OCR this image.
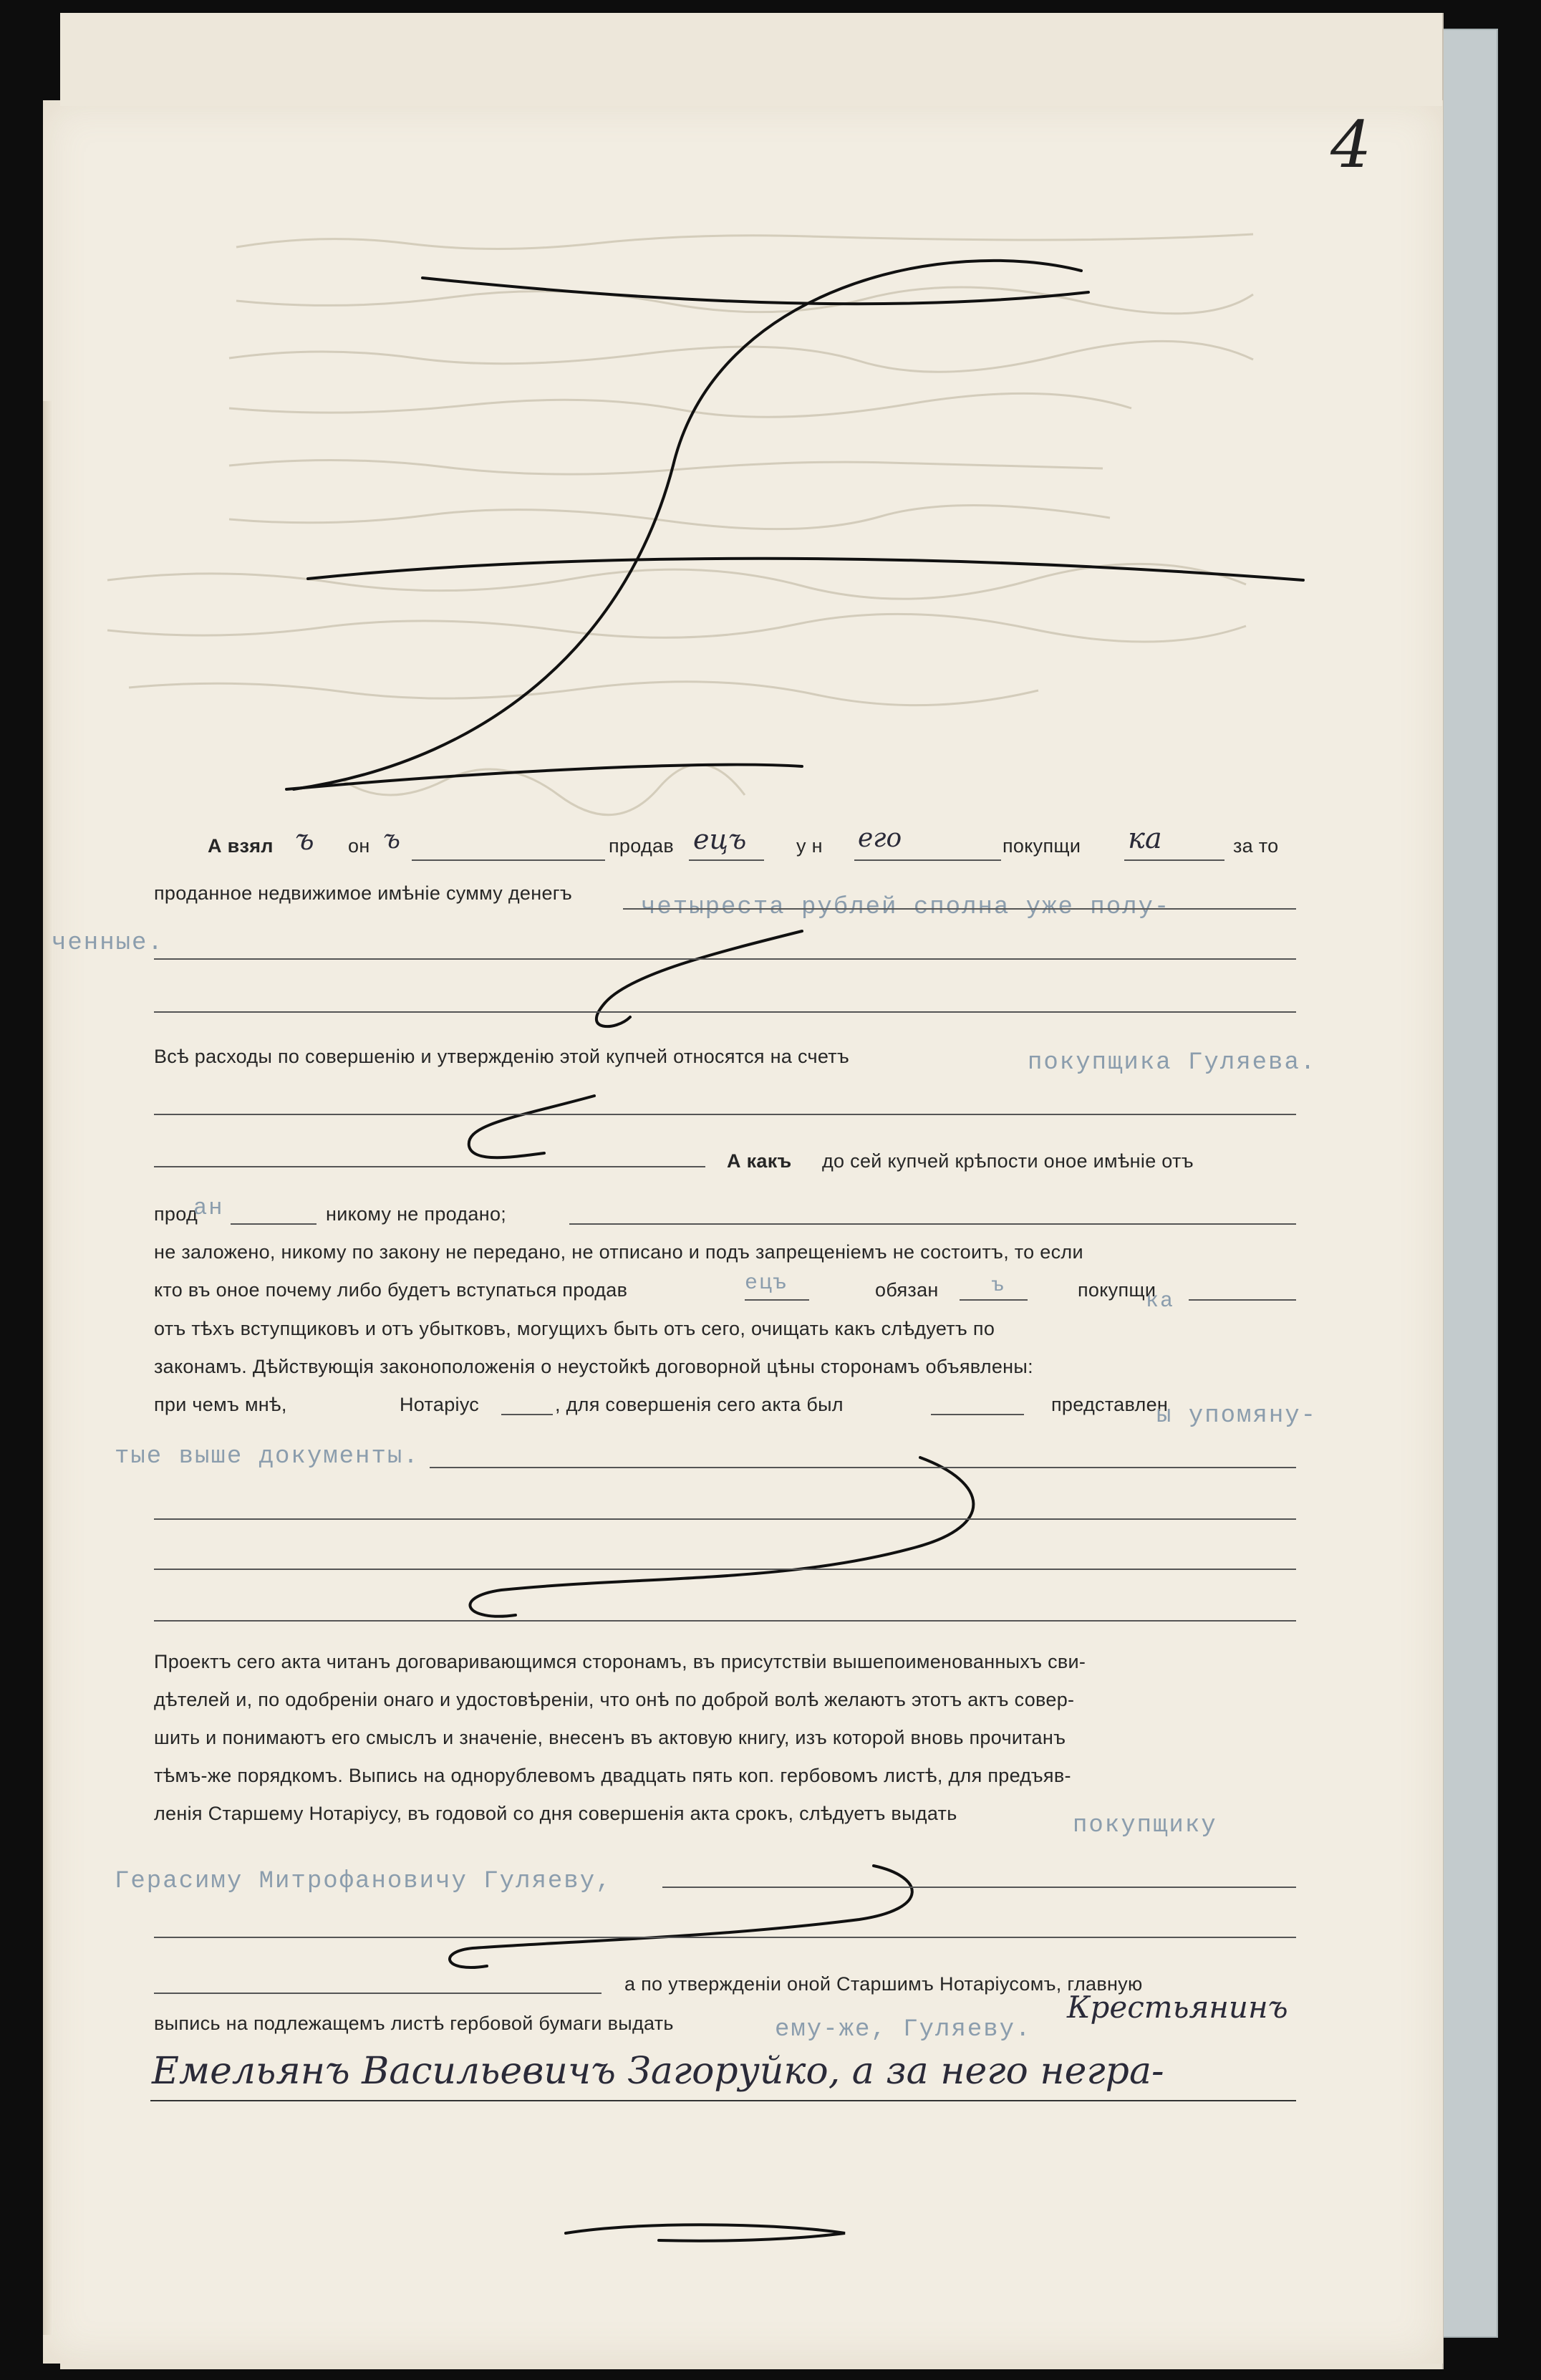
4
А взял ъ он ъ	продав ецъ	у н его	покупщи ка	за то
проданное недвижимое имѣніе сумму денегъ
четыреста рублей сполна уже полу-
ченные.
Всѣ расходы по совершенію и утвержденію этой купчей относятся на счетъ	покупщика Гуляева.
А какъ до сей купчей крѣпости оное имѣніе отъ
прод
ан	никому не продано;
не заложено, никому по закону не передано, не отписано и подъ запрещеніемъ не состоитъ, то если
кто въ оное почему либо будетъ вступаться продав	ецъ	обязан	ъ	покупщи
ка
отъ тѣхъ вступщиковъ и отъ убытковъ, могущихъ быть отъ сего, очищать какъ слѣдуетъ по
законамъ. Дѣйствующія законоположенія о неустойкѣ договорной цѣны сторонамъ объявлены:
при чемъ мнѣ,	Нотаріус	, для совершенія сего акта был	представлен
ы упомяну-
тые выше документы.
Проектъ сего акта читанъ договаривающимся сторонамъ, въ присутствіи вышепоименованныхъ сви-
дѣтелей и, по одобреніи онаго и удостовѣреніи, что онѣ по доброй волѣ желаютъ этотъ актъ совер-
шить и понимаютъ его смыслъ и значеніе, внесенъ въ актовую книгу, изъ которой вновь прочитанъ
тѣмъ-же порядкомъ. Выпись на однорублевомъ двадцать пять коп. гербовомъ листѣ, для предъяв-
ленія Старшему Нотаріусу, въ годовой со дня совершенія акта срокъ, слѣдуетъ выдать	покупщику
Герасиму Митрофановичу Гуляеву,
а по утвержденіи оной Старшимъ Нотаріусомъ, главную
выпись на подлежащемъ листѣ гербовой бумаги выдать	ему-же, Гуляеву.
Крестьянинъ
Емельянъ Васильевичъ Загоруйко, а за него негра-
